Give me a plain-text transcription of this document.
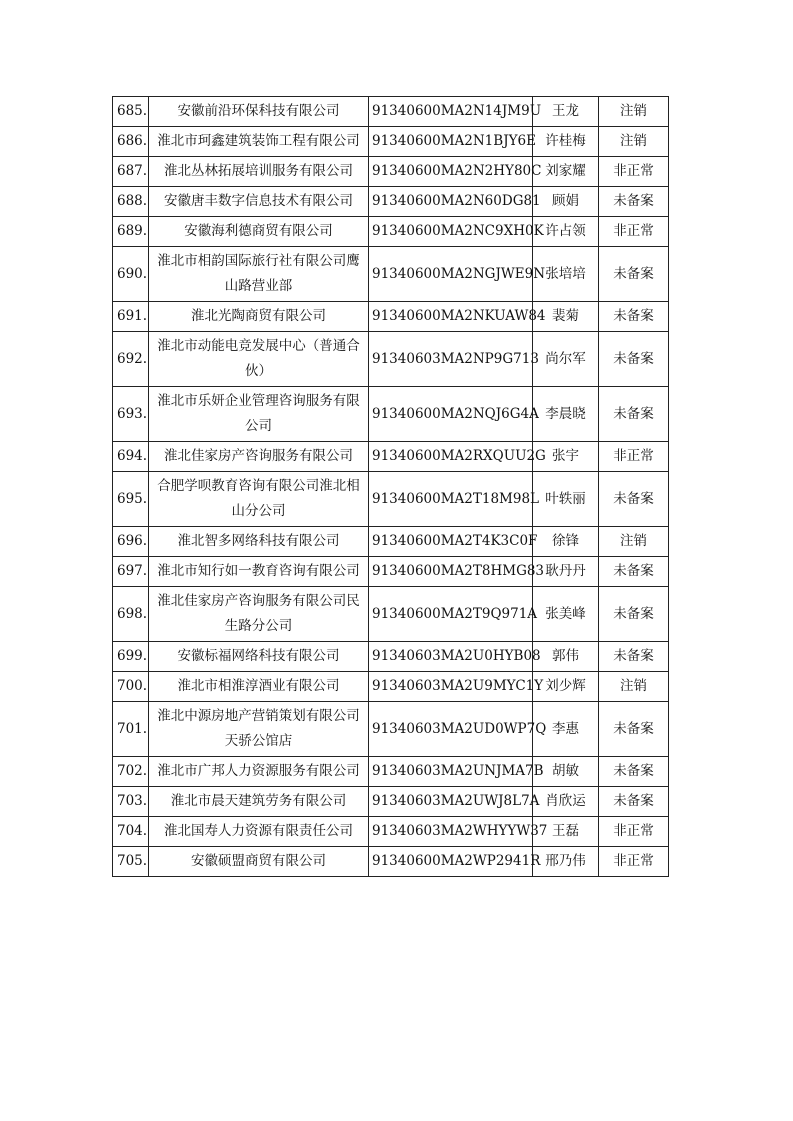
685.	安徽前沿环保科技有限公司	91340600MA2N14JM9U	王龙	注销
686.	淮北市珂鑫建筑装饰工程有限公司	91340600MA2N1BJY6E	许桂梅	注销
687.	淮北丛林拓展培训服务有限公司	91340600MA2N2HY80C	刘家耀	非正常
688.	安徽唐丰数字信息技术有限公司	91340600MA2N60DG81	顾娟	未备案
689.	安徽海利德商贸有限公司	91340600MA2NC9XH0K	许占领	非正常
690.	淮北市相韵国际旅行社有限公司鹰山路营业部	91340600MA2NGJWE9N	张培培	未备案
691.	淮北光陶商贸有限公司	91340600MA2NKUAW84	裴菊	未备案
692.	淮北市动能电竞发展中心（普通合伙）	91340603MA2NP9G713	尚尔军	未备案
693.	淮北市乐妍企业管理咨询服务有限公司	91340600MA2NQJ6G4A	李晨晓	未备案
694.	淮北佳家房产咨询服务有限公司	91340600MA2RXQUU2G	张宇	非正常
695.	合肥学呗教育咨询有限公司淮北相山分公司	91340600MA2T18M98L	叶轶丽	未备案
696.	淮北智多网络科技有限公司	91340600MA2T4K3C0F	徐锋	注销
697.	淮北市知行如一教育咨询有限公司	91340600MA2T8HMG83	耿丹丹	未备案
698.	淮北佳家房产咨询服务有限公司民生路分公司	91340600MA2T9Q971A	张美峰	未备案
699.	安徽标福网络科技有限公司	91340603MA2U0HYB08	郭伟	未备案
700.	淮北市相淮淳酒业有限公司	91340603MA2U9MYC1Y	刘少辉	注销
701.	淮北中源房地产营销策划有限公司天骄公馆店	91340603MA2UD0WP7Q	李惠	未备案
702.	淮北市广邦人力资源服务有限公司	91340603MA2UNJMA7B	胡敏	未备案
703.	淮北市晨天建筑劳务有限公司	91340603MA2UWJ8L7A	肖欣运	未备案
704.	淮北国寿人力资源有限责任公司	91340603MA2WHYYW37	王磊	非正常
705.	安徽硕盟商贸有限公司	91340600MA2WP2941R	邢乃伟	非正常
